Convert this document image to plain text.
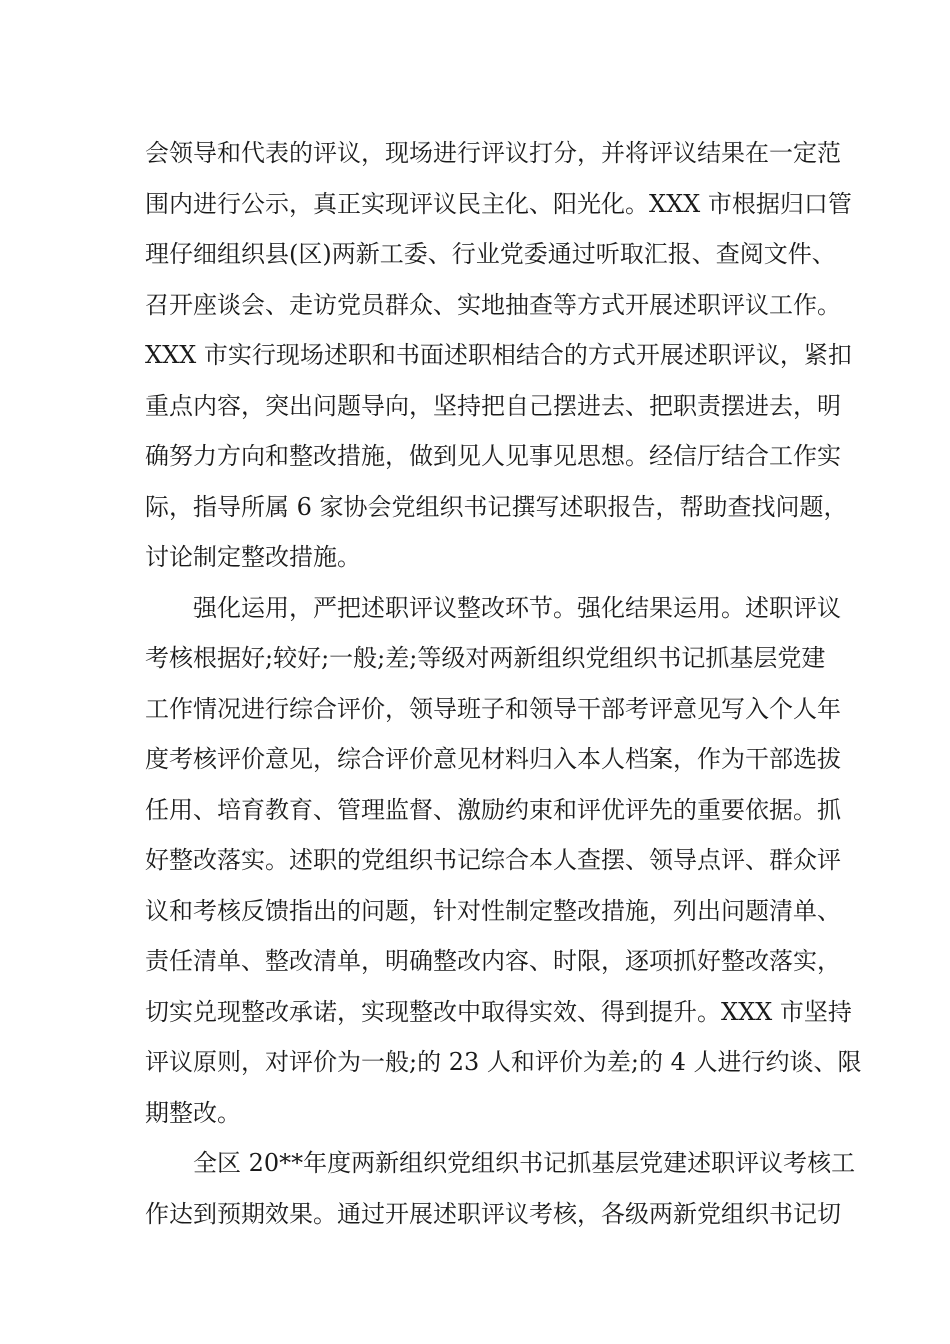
会领导和代表的评议，现场进行评议打分，并将评议结果在一定范
围内进行公示，真正实现评议民主化、阳光化。XXX 市根据归口管
理仔细组织县(区)两新工委、行业党委通过听取汇报、查阅文件、
召开座谈会、走访党员群众、实地抽查等方式开展述职评议工作。
XXX 市实行现场述职和书面述职相结合的方式开展述职评议，紧扣
重点内容，突出问题导向，坚持把自己摆进去、把职责摆进去，明
确努力方向和整改措施，做到见人见事见思想。经信厅结合工作实
际，指导所属 6 家协会党组织书记撰写述职报告，帮助查找问题，
讨论制定整改措施。
强化运用，严把述职评议整改环节。强化结果运用。述职评议
考核根据好;较好;一般;差;等级对两新组织党组织书记抓基层党建
工作情况进行综合评价，领导班子和领导干部考评意见写入个人年
度考核评价意见，综合评价意见材料归入本人档案，作为干部选拔
任用、培育教育、管理监督、激励约束和评优评先的重要依据。抓
好整改落实。述职的党组织书记综合本人查摆、领导点评、群众评
议和考核反馈指出的问题，针对性制定整改措施，列出问题清单、
责任清单、整改清单，明确整改内容、时限，逐项抓好整改落实，
切实兑现整改承诺，实现整改中取得实效、得到提升。XXX 市坚持
评议原则，对评价为一般;的 23 人和评价为差;的 4 人进行约谈、限
期整改。
全区 20**年度两新组织党组织书记抓基层党建述职评议考核工
作达到预期效果。通过开展述职评议考核，各级两新党组织书记切
